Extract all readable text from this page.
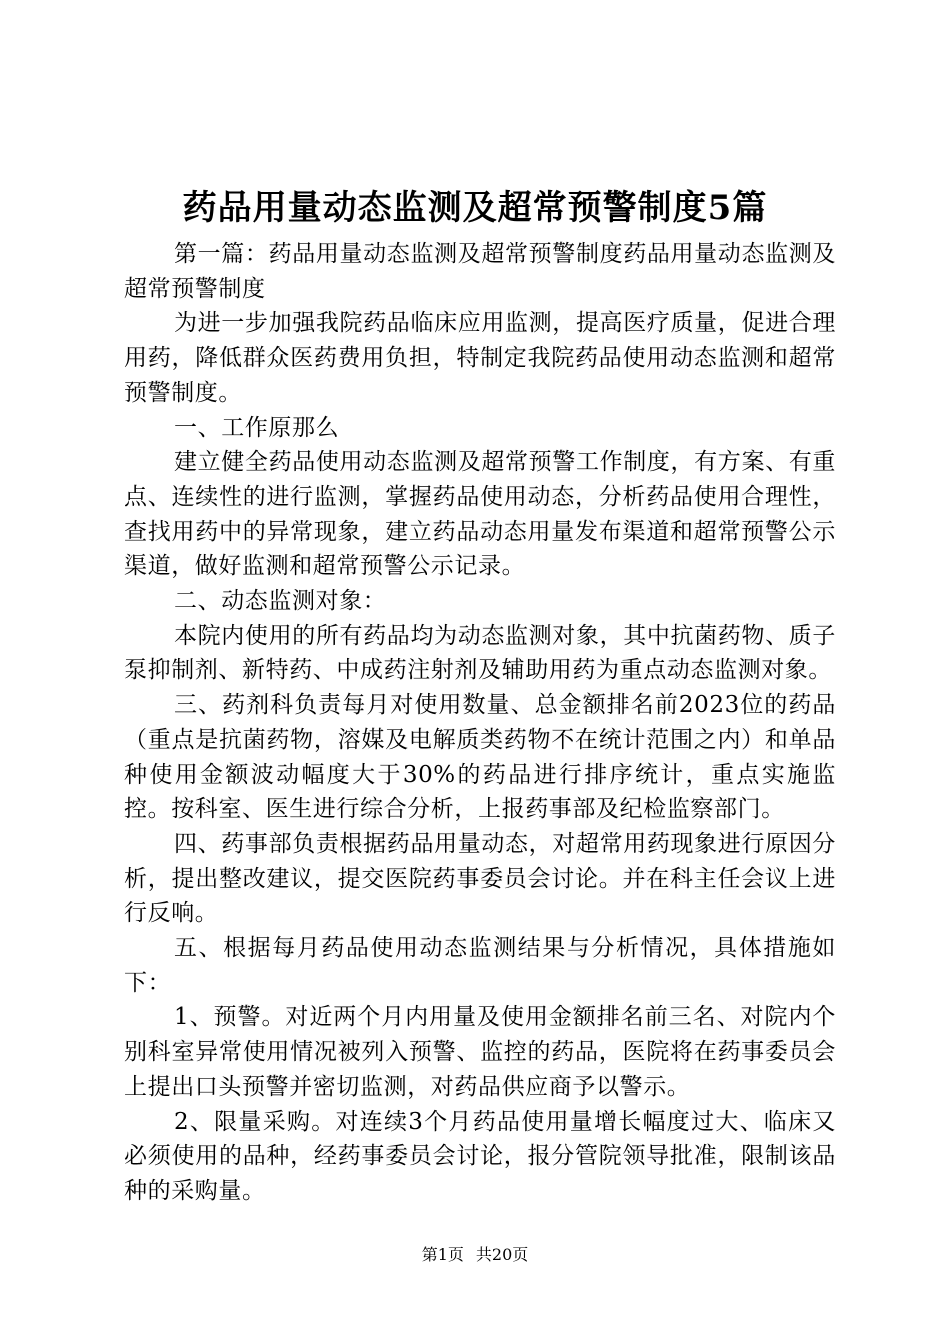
药品用量动态监测及超常预警制度5篇

第一篇：药品用量动态监测及超常预警制度药品用量动态监测及超常预警制度

为进一步加强我院药品临床应用监测，提高医疗质量，促进合理用药，降低群众医药费用负担，特制定我院药品使用动态监测和超常预警制度。

一、工作原那么

建立健全药品使用动态监测及超常预警工作制度，有方案、有重点、连续性的进行监测，掌握药品使用动态，分析药品使用合理性，查找用药中的异常现象，建立药品动态用量发布渠道和超常预警公示渠道，做好监测和超常预警公示记录。

二、动态监测对象：

本院内使用的所有药品均为动态监测对象，其中抗菌药物、质子泵抑制剂、新特药、中成药注射剂及辅助用药为重点动态监测对象。

三、药剂科负责每月对使用数量、总金额排名前2023位的药品（重点是抗菌药物，溶媒及电解质类药物不在统计范围之内）和单品种使用金额波动幅度大于30%的药品进行排序统计，重点实施监控。按科室、医生进行综合分析，上报药事部及纪检监察部门。

四、药事部负责根据药品用量动态，对超常用药现象进行原因分析，提出整改建议，提交医院药事委员会讨论。并在科主任会议上进行反响。

五、根据每月药品使用动态监测结果与分析情况，具体措施如下：

1、预警。对近两个月内用量及使用金额排名前三名、对院内个别科室异常使用情况被列入预警、监控的药品，医院将在药事委员会上提出口头预警并密切监测，对药品供应商予以警示。

2、限量采购。对连续3个月药品使用量增长幅度过大、临床又必须使用的品种，经药事委员会讨论，报分管院领导批准，限制该品种的采购量。

第1页 共20页
